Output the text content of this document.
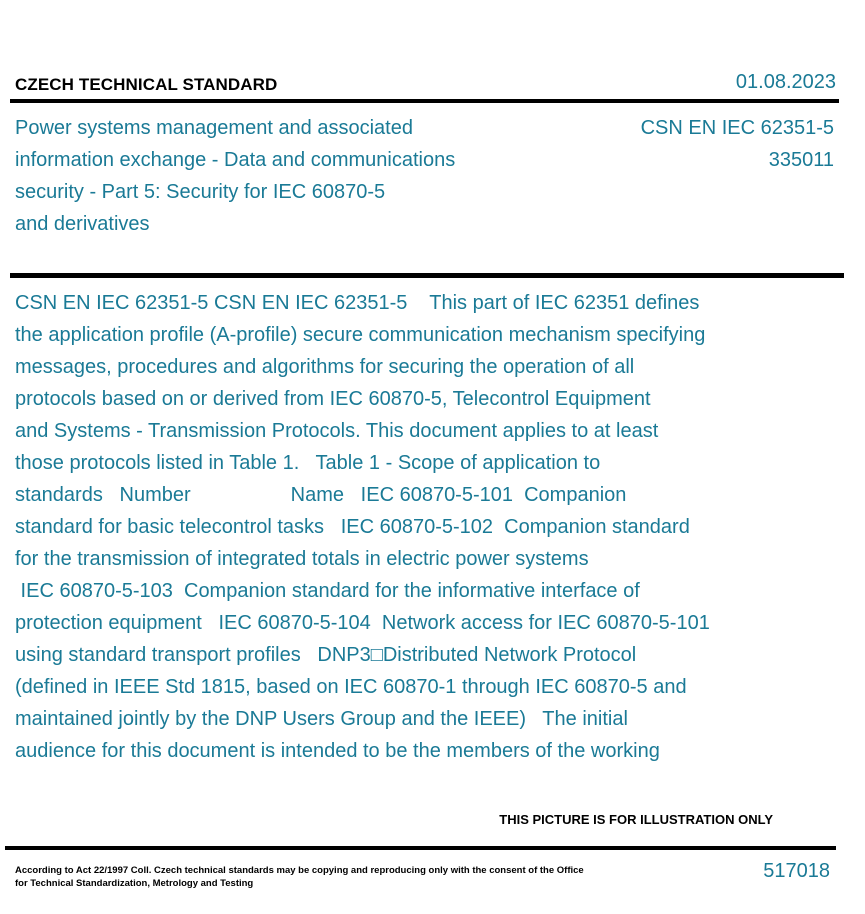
CZECH TECHNICAL STANDARD	01.08.2023
Power systems management and associated
information exchange - Data and communications
security - Part 5: Security for IEC 60870-5
and derivatives
CSN EN IEC 62351-5
335011
CSN EN IEC 62351-5 CSN EN IEC 62351-5    This part of IEC 62351 defines
the application profile (A-profile) secure communication mechanism specifying
messages, procedures and algorithms for securing the operation of all
protocols based on or derived from IEC 60870-5, Telecontrol Equipment
and Systems - Transmission Protocols. This document applies to at least
those protocols listed in Table 1.   Table 1 - Scope of application to
standards   Number                  Name   IEC 60870-5-101  Companion
standard for basic telecontrol tasks   IEC 60870-5-102  Companion standard
for the transmission of integrated totals in electric power systems
IEC 60870-5-103  Companion standard for the informative interface of
protection equipment   IEC 60870-5-104  Network access for IEC 60870-5-101
using standard transport profiles   DNP3□Distributed Network Protocol
(defined in IEEE Std 1815, based on IEC 60870-1 through IEC 60870-5 and
maintained jointly by the DNP Users Group and the IEEE)   The initial
audience for this document is intended to be the members of the working
THIS PICTURE IS FOR ILLUSTRATION ONLY
According to Act 22/1997 Coll. Czech technical standards may be copying and reproducing only with the consent of the Office
for Technical Standardization, Metrology and Testing
517018
